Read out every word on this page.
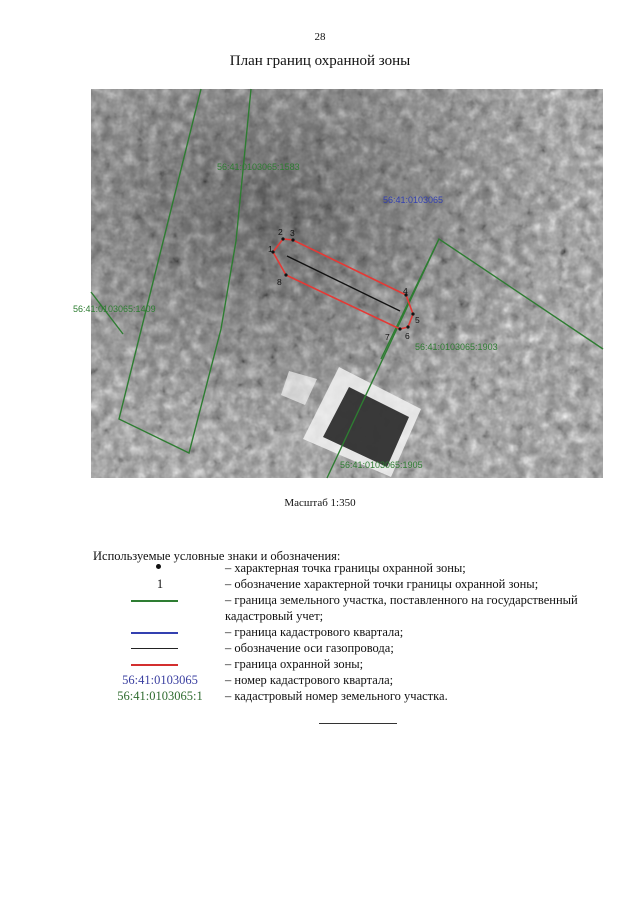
28
План границ охранной зоны
1
2 3
4
5
6
7
8
56:41:0103065:1583
56:41:0103065:1409
56:41:0103065:1903
56:41:0103065:1905
56:41:0103065
Масштаб 1:350
Используемые условные знаки и обозначения:
– характерная точка границы охранной зоны;
1	– обозначение характерной точки границы охранной зоны;
– граница земельного участка, поставленного на государственный
кадастровый учет;
– граница кадастрового квартала;
– обозначение оси газопровода;
– граница охранной зоны;
56:41:0103065	– номер кадастрового квартала;
56:41:0103065:1	– кадастровый номер земельного участка.
